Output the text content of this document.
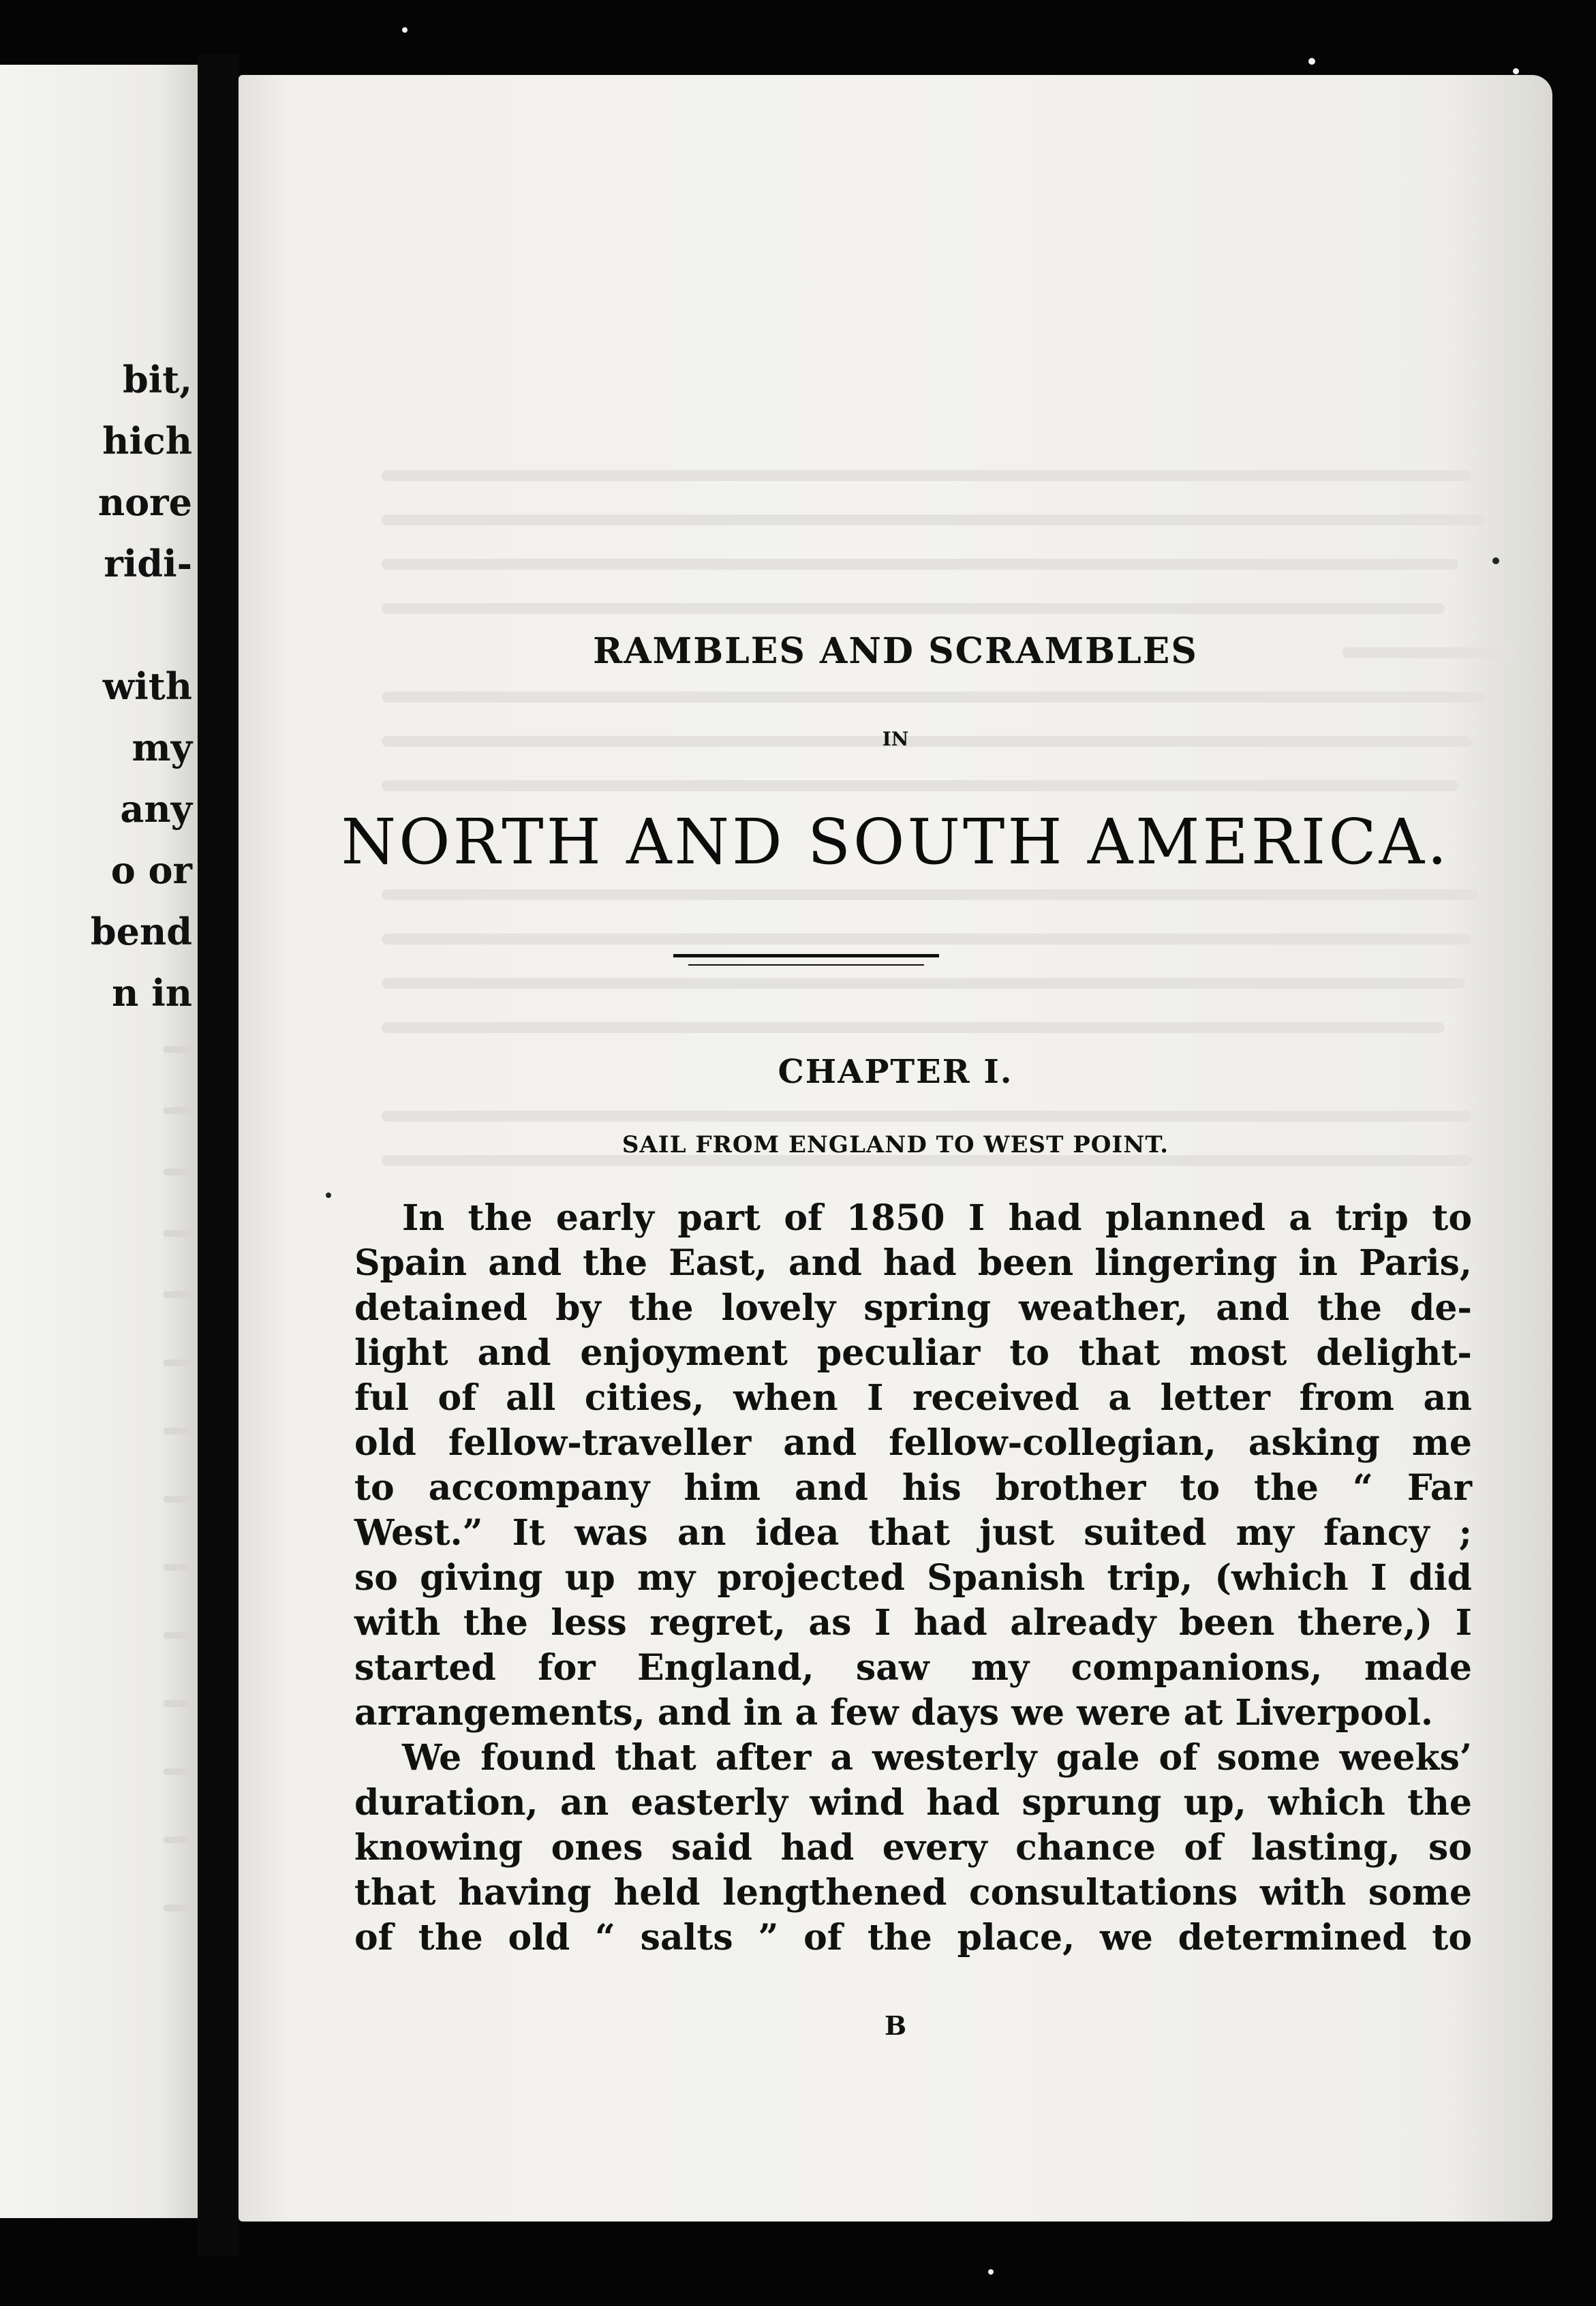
bit,
hich
nore
ridi-
with
my
any
o or
bend
n in
RAMBLES AND SCRAMBLES
IN
NORTH AND SOUTH AMERICA.
CHAPTER I.
SAIL FROM ENGLAND TO WEST POINT.
In the early part of 1850 I had planned a trip to
Spain and the East, and had been lingering in Paris,
detained by the lovely spring weather, and the de-
light and enjoyment peculiar to that most delight-
ful of all cities, when I received a letter from an
old fellow-traveller and fellow-collegian, asking me
to accompany him and his brother to the “ Far
West.” It was an idea that just suited my fancy ;
so giving up my projected Spanish trip, (which I did
with the less regret, as I had already been there,) I
started for England, saw my companions, made
arrangements, and in a few days we were at Liverpool.
We found that after a westerly gale of some weeks’
duration, an easterly wind had sprung up, which the
knowing ones said had every chance of lasting, so
that having held lengthened consultations with some
of the old “ salts ” of the place, we determined to
B
